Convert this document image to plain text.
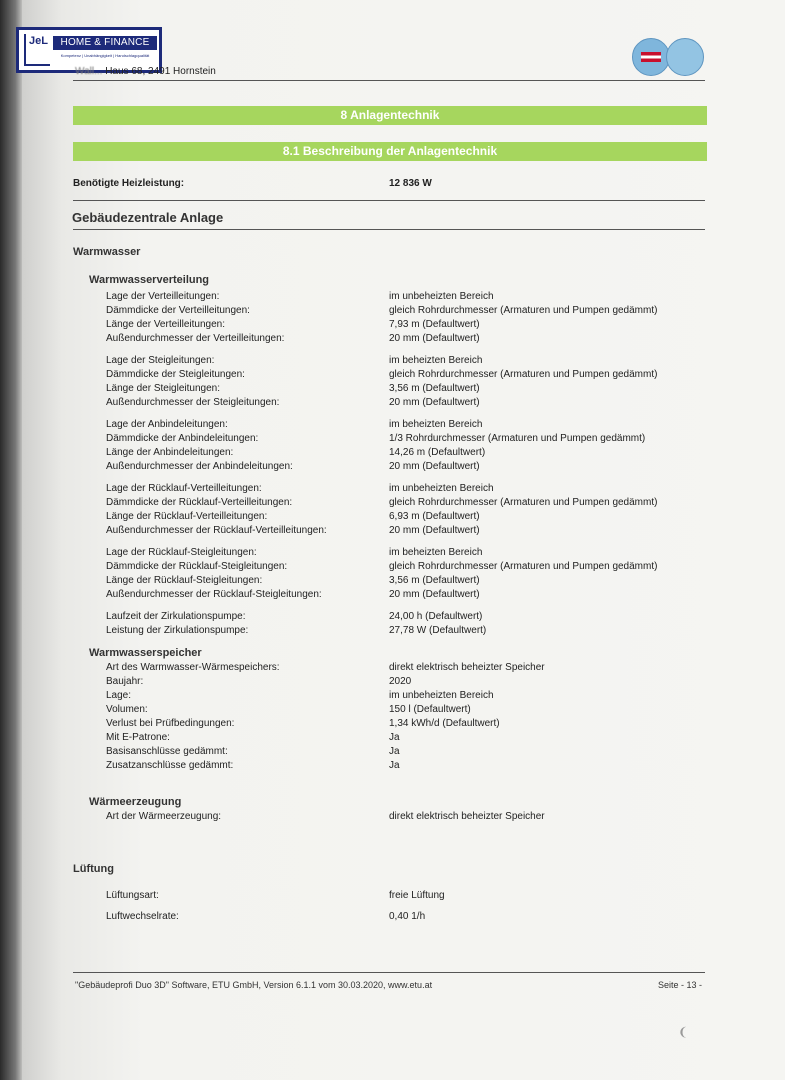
JeL	HOME & FINANCE
Kompetenz | Unabhängigkeit | Handschlagqualität
Wall... Haus 68, 2491 Hornstein
8 Anlagentechnik
8.1 Beschreibung der Anlagentechnik
Benötigte Heizleistung:	12 836 W
Gebäudezentrale Anlage
Warmwasser
Warmwasserverteilung
Lage der Verteilleitungen:	im unbeheizten Bereich
Dämmdicke der Verteilleitungen:	gleich Rohrdurchmesser (Armaturen und Pumpen gedämmt)
Länge der Verteilleitungen:	7,93 m (Defaultwert)
Außendurchmesser der Verteilleitungen:	20 mm (Defaultwert)
Lage der Steigleitungen:	im beheizten Bereich
Dämmdicke der Steigleitungen:	gleich Rohrdurchmesser (Armaturen und Pumpen gedämmt)
Länge der Steigleitungen:	3,56 m (Defaultwert)
Außendurchmesser der Steigleitungen:	20 mm (Defaultwert)
Lage der Anbindeleitungen:	im beheizten Bereich
Dämmdicke der Anbindeleitungen:	1/3 Rohrdurchmesser (Armaturen und Pumpen gedämmt)
Länge der Anbindeleitungen:	14,26 m (Defaultwert)
Außendurchmesser der Anbindeleitungen:	20 mm (Defaultwert)
Lage der Rücklauf-Verteilleitungen:	im unbeheizten Bereich
Dämmdicke der Rücklauf-Verteilleitungen:	gleich Rohrdurchmesser (Armaturen und Pumpen gedämmt)
Länge der Rücklauf-Verteilleitungen:	6,93 m (Defaultwert)
Außendurchmesser der Rücklauf-Verteilleitungen:	20 mm (Defaultwert)
Lage der Rücklauf-Steigleitungen:	im beheizten Bereich
Dämmdicke der Rücklauf-Steigleitungen:	gleich Rohrdurchmesser (Armaturen und Pumpen gedämmt)
Länge der Rücklauf-Steigleitungen:	3,56 m (Defaultwert)
Außendurchmesser der Rücklauf-Steigleitungen:	20 mm (Defaultwert)
Laufzeit der Zirkulationspumpe:	24,00 h (Defaultwert)
Leistung der Zirkulationspumpe:	27,78 W (Defaultwert)
Warmwasserspeicher
Art des Warmwasser-Wärmespeichers:	direkt elektrisch beheizter Speicher
Baujahr:	2020
Lage:	im unbeheizten Bereich
Volumen:	150 l (Defaultwert)
Verlust bei Prüfbedingungen:	1,34 kWh/d (Defaultwert)
Mit E-Patrone:	Ja
Basisanschlüsse gedämmt:	Ja
Zusatzanschlüsse gedämmt:	Ja
Wärmeerzeugung
Art der Wärmeerzeugung:	direkt elektrisch beheizter Speicher
Lüftung
Lüftungsart:	freie Lüftung
Luftwechselrate:	0,40 1/h
"Gebäudeprofi Duo 3D" Software, ETU GmbH, Version 6.1.1 vom 30.03.2020, www.etu.at	Seite - 13 -
❨
